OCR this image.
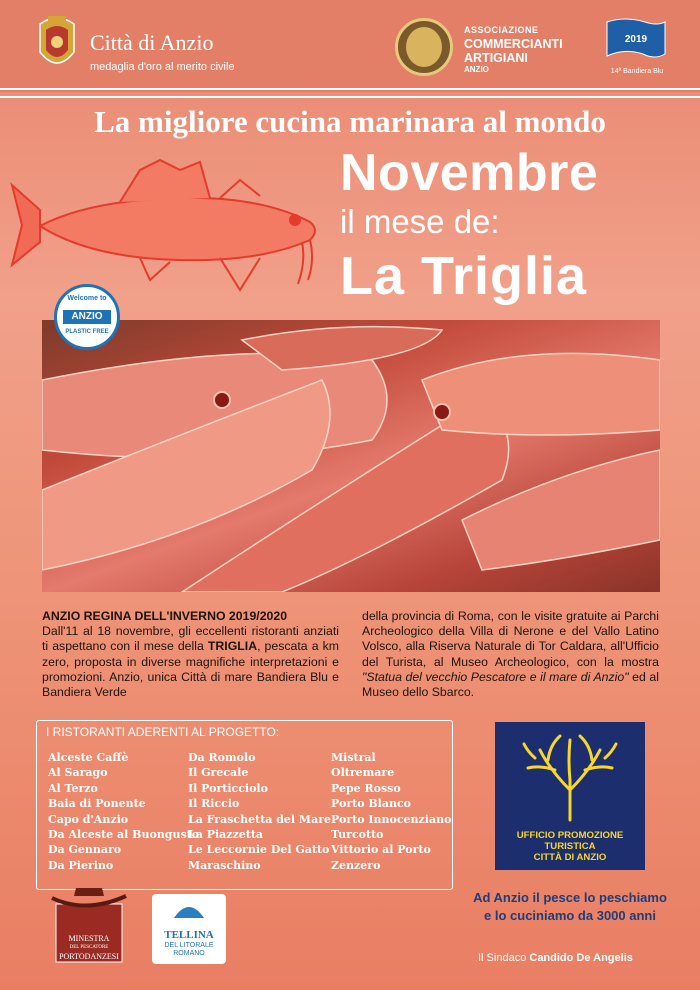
Città di Anzio
medaglia d'oro al merito civile
ASSOCIAZIONE
COMMERCIANTI
ARTIGIANI
ANZIO
2019
14ª Bandiera Blu
La migliore cucina marinara al mondo
Novembre
il mese de:
La Triglia
Welcome to
ANZIO
PLASTIC FREE
ANZIO REGINA DELL'INVERNO 2019/2020
Dall'11 al 18 novembre, gli eccellenti ristoranti anziati ti aspettano con il mese della TRIGLIA, pescata a km zero, proposta in diverse magnifiche interpretazioni e promozioni. Anzio, unica Città di mare Bandiera Blu e Bandiera Verde
della provincia di Roma, con le visite gratuite ai Parchi Archeologico della Villa di Nerone e del Vallo Latino Volsco, alla Riserva Naturale di Tor Caldara, all'Ufficio del Turista, al Museo Archeologico, con la mostra "Statua del vecchio Pescatore e il mare di Anzio" ed al Museo dello Sbarco.
I RISTORANTI ADERENTI AL PROGETTO:
Alceste Caffè
Al Sarago
Al Terzo
Baia di Ponente
Capo d'Anzio
Da Alceste al Buongusto
Da Gennaro
Da Pierino
Da Romolo
Il Grecale
Il Porticciolo
Il Riccio
La Fraschetta del Mare
La Piazzetta
Le Leccornie Del Gatto
Maraschino
Mistral
Oltremare
Pepe Rosso
Porto Blanco
Porto Innocenziano
Turcotto
Vittorio al Porto
Zenzero
UFFICIO PROMOZIONE TURISTICA
CITTÀ DI ANZIO
Ad Anzio il pesce lo peschiamo
e lo cuciniamo da 3000 anni
Il Sindaco Candido De Angelis
MINESTRA
DEL PESCATORE
PORTODANZESI
TELLINA
DEL LITORALE
ROMANO
